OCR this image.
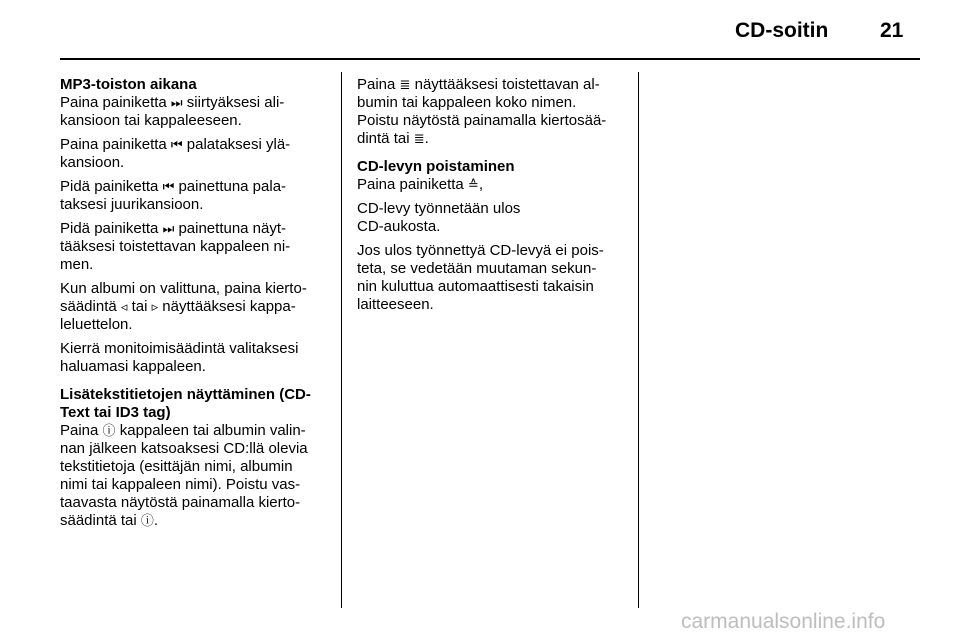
CD-soitin 21
MP3-toiston aikana
Paina painiketta ⏭ siirtyäksesi ali-
kansioon tai kappaleeseen.
Paina painiketta ⏮ palataksesi ylä-
kansioon.
Pidä painiketta ⏮ painettuna pala-
taksesi juurikansioon.
Pidä painiketta ⏭ painettuna näyt-
tääksesi toistettavan kappaleen ni-
men.
Kun albumi on valittuna, paina kierto-
säädintä ◃ tai ▹ näyttääksesi kappa-
leluettelon.
Kierrä monitoimisäädintä valitaksesi
haluamasi kappaleen.
Lisätekstitietojen näyttäminen (CD-
Text tai ID3 tag)
Paina ⓘ kappaleen tai albumin valin-
nan jälkeen katsoaksesi CD:llä olevia
tekstitietoja (esittäjän nimi, albumin
nimi tai kappaleen nimi). Poistu vas-
taavasta näytöstä painamalla kierto-
säädintä tai ⓘ.
Paina ≣ näyttääksesi toistettavan al-
bumin tai kappaleen koko nimen.
Poistu näytöstä painamalla kiertosää-
dintä tai ≣.
CD-levyn poistaminen
Paina painiketta ≙,
CD-levy työnnetään ulos
CD-aukosta.
Jos ulos työnnettyä CD-levyä ei pois-
teta, se vedetään muutaman sekun-
nin kuluttua automaattisesti takaisin
laitteeseen.
carmanualsonline.info
